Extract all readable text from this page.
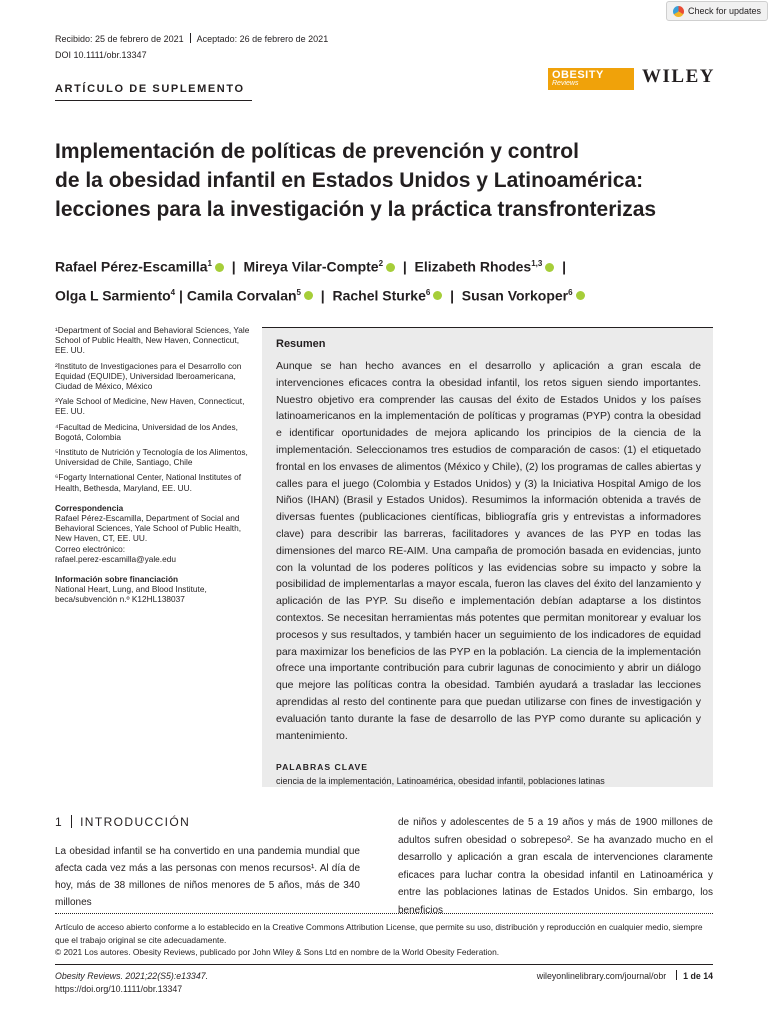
Recibido: 25 de febrero de 2021 Aceptado: 26 de febrero de 2021
DOI 10.1111/obr.13347
Check for updates
ARTÍCULO DE SUPLEMENTO
OBESITY
Reviews	WILEY
Implementación de políticas de prevención y control
de la obesidad infantil en Estados Unidos y Latinoamérica:
lecciones para la investigación y la práctica transfronterizas
Rafael Pérez-Escamilla$^1$  |  Mireya Vilar-Compte$^2$  |  Elizabeth Rhodes$^{1,3}$  |
Olga L Sarmiento$^4$ | Camila Corvalan$^5$  |  Rachel Sturke$^6$  |  Susan Vorkoper$^6$

¹Department of Social and Behavioral Sciences, Yale School of Public Health, New Haven, Connecticut, EE. UU.

²Instituto de Investigaciones para el Desarrollo con Equidad (EQUIDE), Universidad Iberoamericana, Ciudad de México, México

³Yale School of Medicine, New Haven, Connecticut, EE. UU.

⁴Facultad de Medicina, Universidad de los Andes, Bogotá, Colombia

⁵Instituto de Nutrición y Tecnología de los Alimentos, Universidad de Chile, Santiago, Chile

⁶Fogarty International Center, National Institutes of Health, Bethesda, Maryland, EE. UU.

Correspondencia

Rafael Pérez-Escamilla, Department of Social and Behavioral Sciences, Yale School of Public Health, New Haven, CT, EE. UU.

Correo electrónico:

rafael.perez-escamilla@yale.edu

Información sobre financiación

National Heart, Lung, and Blood Institute, beca/subvención n.º K12HL138037

Resumen

Aunque se han hecho avances en el desarrollo y aplicación a gran escala de intervenciones eficaces contra la obesidad infantil, los retos siguen siendo importantes. Nuestro objetivo era comprender las causas del éxito de Estados Unidos y los países latinoamericanos en la implementación de políticas y programas (PYP) contra la obesidad e identificar oportunidades de mejora aplicando los principios de la ciencia de la implementación. Seleccionamos tres estudios de comparación de casos: (1) el etiquetado frontal en los envases de alimentos (México y Chile), (2) los programas de calles abiertas y calles para el juego (Colombia y Estados Unidos) y (3) la Iniciativa Hospital Amigo de los Niños (IHAN) (Brasil y Estados Unidos). Resumimos la información obtenida a través de diversas fuentes (publicaciones científicas, bibliografía gris y entrevistas a informadores clave) para describir las barreras, facilitadores y avances de las PYP en todas las dimensiones del marco RE-AIM. Una campaña de promoción basada en evidencias, junto con la voluntad de los poderes políticos y las evidencias sobre su impacto y sobre la posibilidad de implementarlas a mayor escala, fueron las claves del éxito del lanzamiento y aplicación de las PYP. Su diseño e implementación debían adaptarse a los distintos contextos. Se necesitan herramientas más potentes que permitan monitorear y evaluar los procesos y sus resultados, y también hacer un seguimiento de los indicadores de equidad para maximizar los beneficios de las PYP en la población. La ciencia de la implementación ofrece una importante contribución para cubrir lagunas de conocimiento y abrir un diálogo que mejore las políticas contra la obesidad. También ayudará a trasladar las lecciones aprendidas al resto del continente para que puedan utilizarse con fines de investigación y evaluación tanto durante la fase de desarrollo de las PYP como durante su aplicación y mantenimiento.

PALABRAS CLAVE

ciencia de la implementación, Latinoamérica, obesidad infantil, poblaciones latinas

1 INTRODUCCIÓN
La obesidad infantil se ha convertido en una pandemia mundial que afecta cada vez más a las personas con menos recursos¹. Al día de hoy, más de 38 millones de niños menores de 5 años, más de 340 millones
de niños y adolescentes de 5 a 19 años y más de 1900 millones de adultos sufren obesidad o sobrepeso². Se ha avanzado mucho en el desarrollo y aplicación a gran escala de intervenciones claramente eficaces para luchar contra la obesidad infantil en Latinoamérica y entre las poblaciones latinas de Estados Unidos. Sin embargo, los beneficios
Artículo de acceso abierto conforme a lo establecido en la Creative Commons Attribution License, que permite su uso, distribución y reproducción en cualquier medio, siempre que el trabajo original se cite adecuadamente.
© 2021 Los autores. Obesity Reviews, publicado por John Wiley & Sons Ltd en nombre de la World Obesity Federation.
Obesity Reviews. 2021;22(S5):e13347.
https://doi.org/10.1111/obr.13347
wileyonlinelibrary.com/journal/obr 1 de 14
